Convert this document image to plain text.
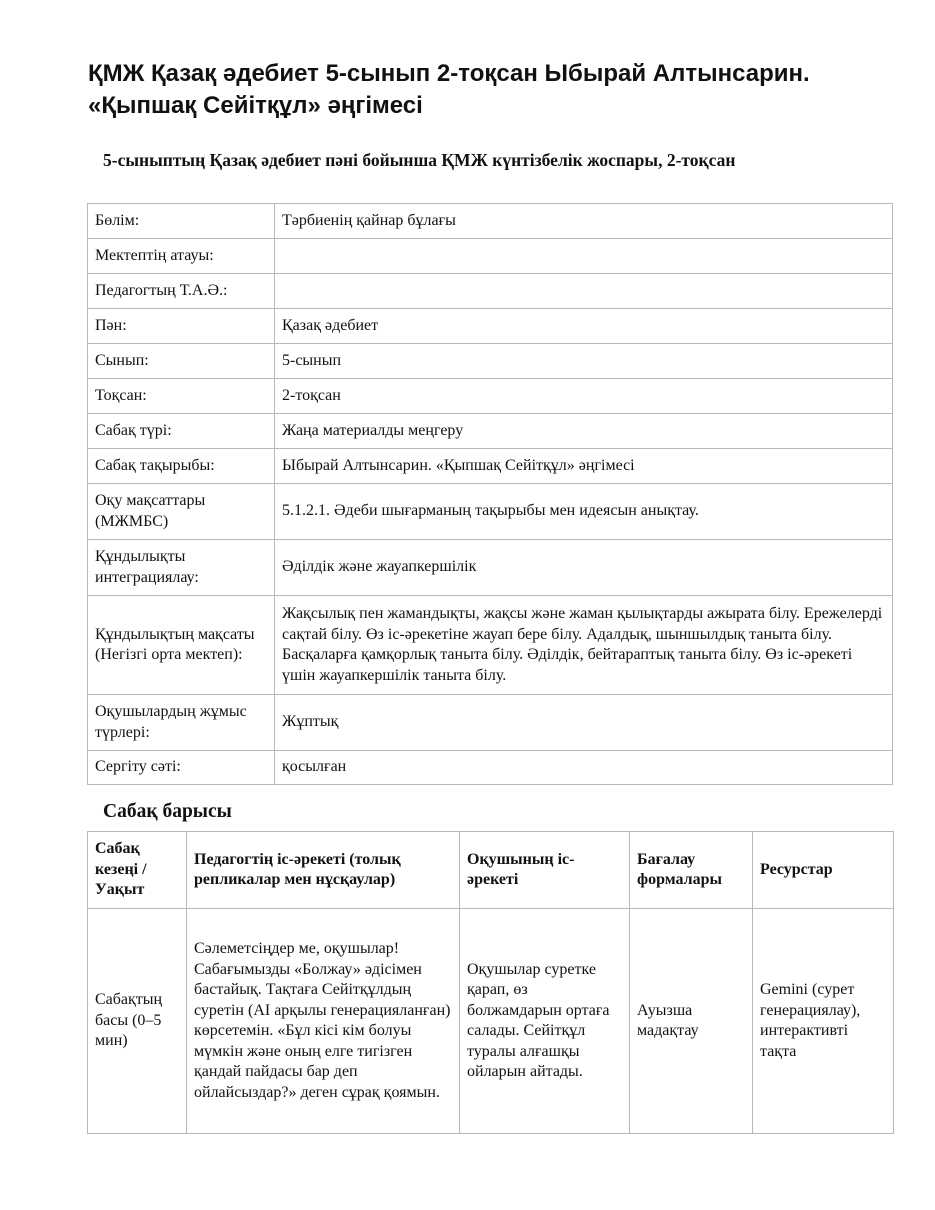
ҚМЖ Қазақ әдебиет 5-сынып 2-тоқсан Ыбырай Алтынсарин. «Қыпшақ Сейітқұл» әңгімесі
5-сыныптың Қазақ әдебиет пәні бойынша ҚМЖ күнтізбелік жоспары, 2-тоқсан
Бөлім:	Тәрбиенің қайнар бұлағы
Мектептің атауы:	
Педагогтың Т.А.Ә.:	
Пән:	Қазақ әдебиет
Сынып:	5-сынып
Тоқсан:	2-тоқсан
Сабақ түрі:	Жаңа материалды меңгеру
Сабақ тақырыбы:	Ыбырай Алтынсарин. «Қыпшақ Сейітқұл» әңгімесі
Оқу мақсаттары (МЖМБС)	5.1.2.1. Әдеби шығарманың тақырыбы мен идеясын анықтау.
Құндылықты интеграциялау:	Әділдік және жауапкершілік
Құндылықтың мақсаты (Негізгі орта мектеп):	Жақсылық пен жамандықты, жақсы және жаман қылықтарды ажырата білу. Ережелерді сақтай білу. Өз іс-әрекетіне жауап бере білу. Адалдық, шыншылдық таныта білу. Басқаларға қамқорлық таныта білу. Әділдік, бейтараптық таныта білу. Өз іс-әрекеті үшін жауапкершілік таныта білу.
Оқушылардың жұмыс түрлері:	Жұптық
Сергіту сәті:	қосылған
Сабақ барысы
Сабақ кезеңі / Уақыт	Педагогтің іс-әрекеті (толық репликалар мен нұсқаулар)	Оқушының іс-әрекеті	Бағалау формалары	Ресурстар
Сабақтың басы (0–5 мин)	Сәлеметсіңдер ме, оқушылар! Сабағымызды «Болжау» әдісімен бастайық. Тақтаға Сейітқұлдың суретін (AI арқылы генерацияланған) көрсетемін. «Бұл кісі кім болуы мүмкін және оның елге тигізген қандай пайдасы бар деп ойлайсыздар?» деген сұрақ қоямын.	Оқушылар суретке қарап, өз болжамдарын ортаға салады. Сейітқұл туралы алғашқы ойларын айтады.	Ауызша мадақтау	Gemini (сурет генерациялау), интерактивті тақта
